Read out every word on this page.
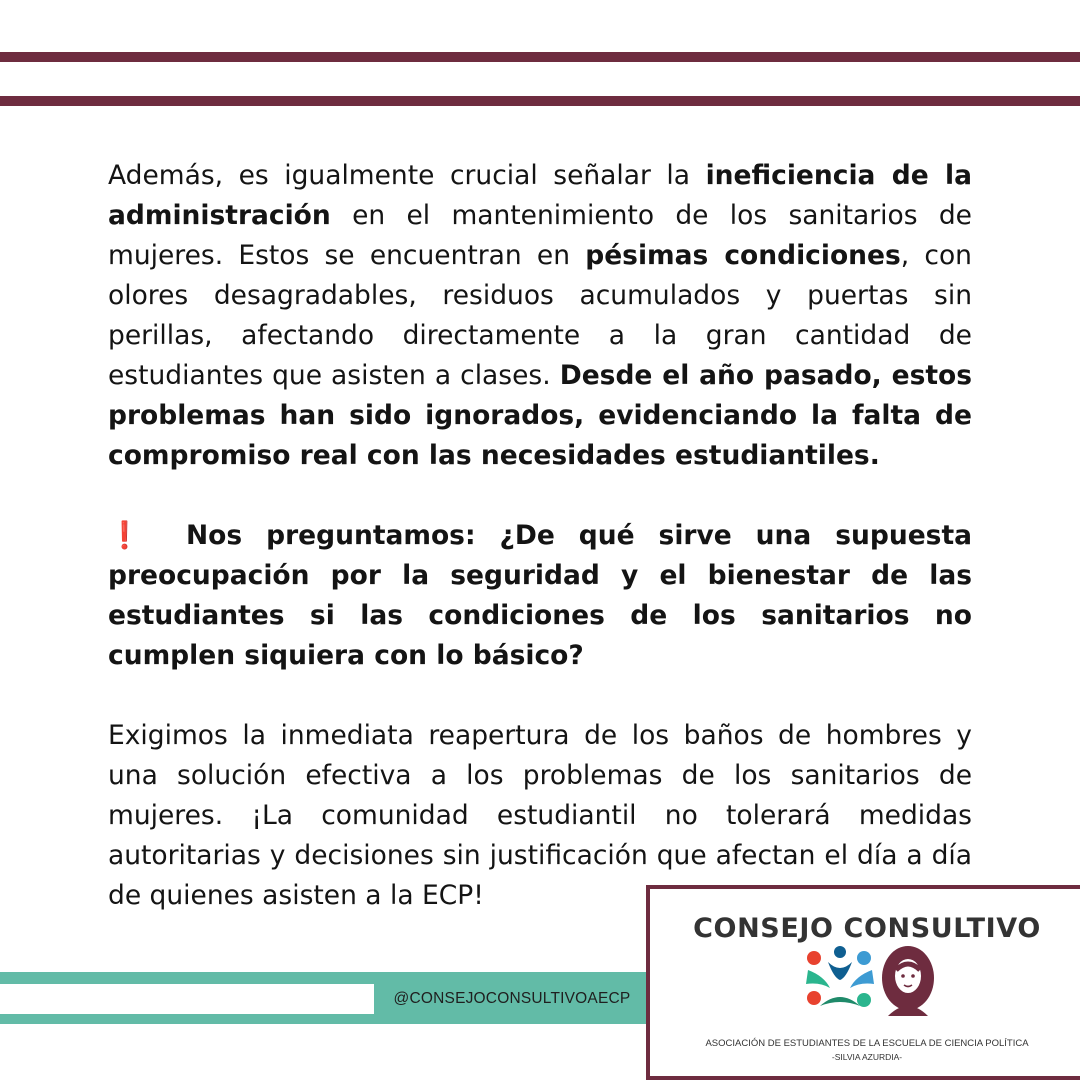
Además, es igualmente crucial señalar la ineficiencia de la administración en el mantenimiento de los sanitarios de mujeres. Estos se encuentran en pésimas condiciones, con olores desagradables, residuos acumulados y puertas sin perillas, afectando directamente a la gran cantidad de estudiantes que asisten a clases. Desde el año pasado, estos problemas han sido ignorados, evidenciando la falta de compromiso real con las necesidades estudiantiles.
❗ Nos preguntamos: ¿De qué sirve una supuesta preocupación por la seguridad y el bienestar de las estudiantes si las condiciones de los sanitarios no cumplen siquiera con lo básico?
Exigimos la inmediata reapertura de los baños de hombres y una solución efectiva a los problemas de los sanitarios de mujeres. ¡La comunidad estudiantil no tolerará medidas autoritarias y decisiones sin justificación que afectan el día a día de quienes asisten a la ECP!
@CONSEJOCONSULTIVOAECP
CONSEJO CONSULTIVO
ASOCIACIÓN DE ESTUDIANTES DE LA ESCUELA DE CIENCIA POLÍTICA
-SILVIA AZURDIA-
